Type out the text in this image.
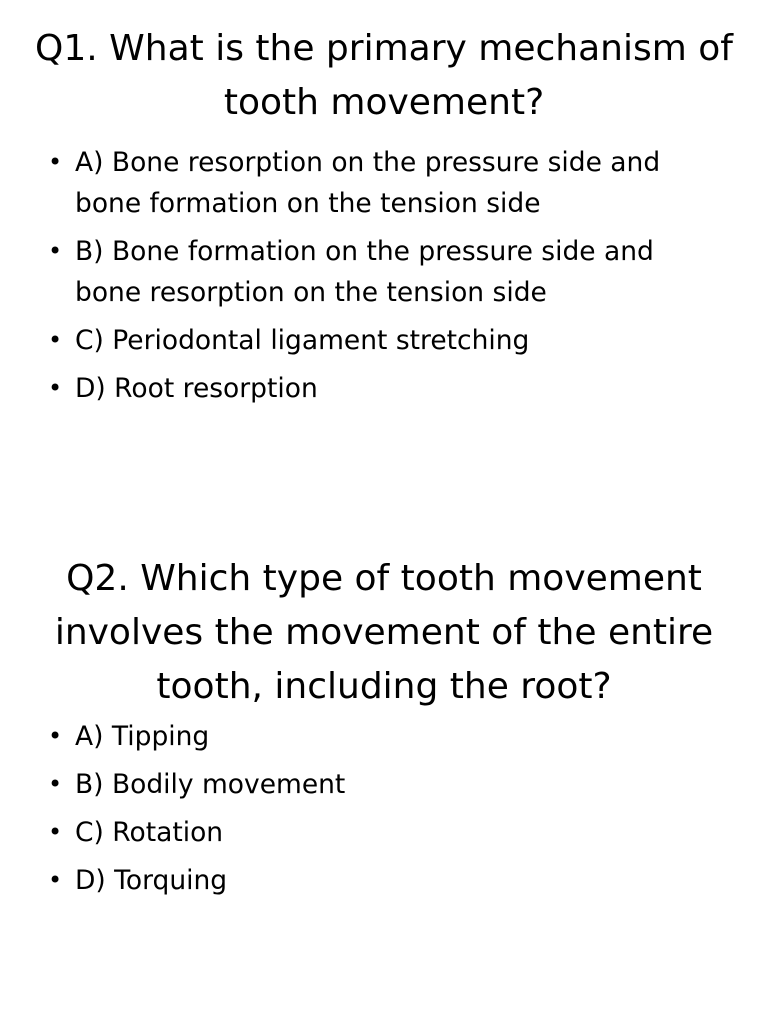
Q1. What is the primary mechanism of tooth movement?
• A) Bone resorption on the pressure side and bone formation on the tension side
• B) Bone formation on the pressure side and bone resorption on the tension side
• C) Periodontal ligament stretching
• D) Root resorption
• A) Tipping
• B) Bodily movement
• C) Rotation
• D) Torquing
Q2. Which type of tooth movement involves the movement of the entire tooth, including the root?
